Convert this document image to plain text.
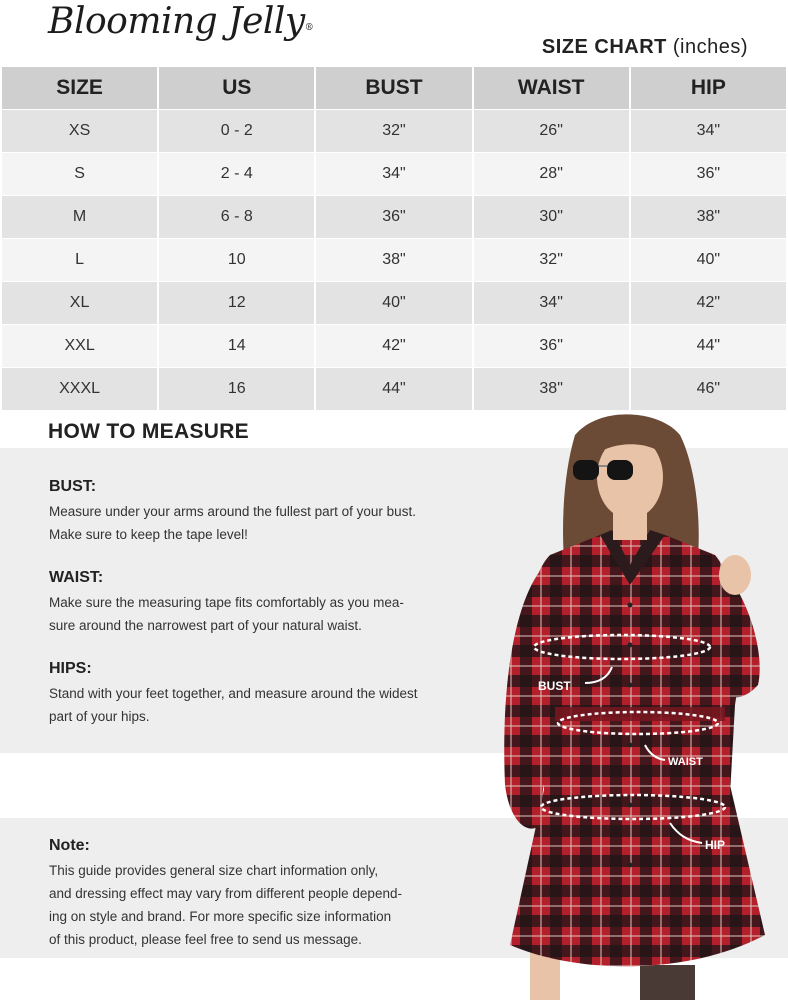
Blooming Jelly®
SIZE CHART (inches)
SIZE	US	BUST	WAIST	HIP
XS	0 - 2	32"	26"	34"
S	2 - 4	34"	28"	36"
M	6 - 8	36"	30"	38"
L	10	38"	32"	40"
XL	12	40"	34"	42"
XXL	14	42"	36"	44"
XXXL	16	44"	38"	46"
HOW TO MEASURE
BUST:

Measure under your arms around the fullest part of your bust.
Make sure to keep the tape level!

WAIST:

Make sure the measuring tape fits comfortably as you mea-
sure around the narrowest part of your natural waist.

HIPS:

Stand with your feet together, and measure around the widest
part of your hips.

Note:

This guide provides general size chart information only,
and dressing effect may vary from different people depend-
ing on style and brand. For more specific size information
of this product, please feel free to send us message.

BUST
WAIST
HIP
